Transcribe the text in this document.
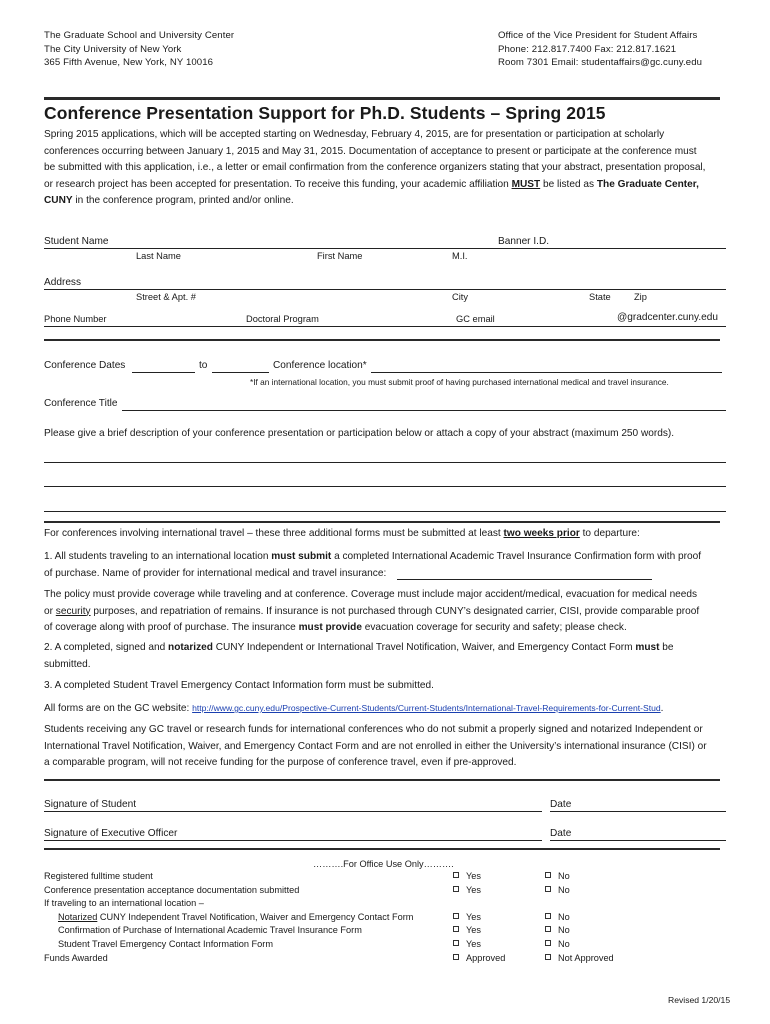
The Graduate School and University Center
The City University of New York
365 Fifth Avenue, New York, NY 10016
Office of the Vice President for Student Affairs
Phone: 212.817.7400 Fax: 212.817.1621
Room 7301 Email: studentaffairs@gc.cuny.edu
Conference Presentation Support for Ph.D. Students – Spring 2015
Spring 2015 applications, which will be accepted starting on Wednesday, February 4, 2015, are for presentation or participation at scholarly
conferences occurring between January 1, 2015 and May 31, 2015. Documentation of acceptance to present or participate at the conference must
be submitted with this application, i.e., a letter or email confirmation from the conference organizers stating that your abstract, presentation proposal,
or research project has been accepted for presentation. To receive this funding, your academic affiliation MUST be listed as The Graduate Center,
CUNY in the conference program, printed and/or online.
Student Name	Banner I.D.
Last Name	First Name	M.I.
Address
Street & Apt. #	City	State	Zip
Phone Number	Doctoral Program	GC email	@gradcenter.cuny.edu
Conference Dates	to	Conference location*
*If an international location, you must submit proof of having purchased international medical and travel insurance.
Conference Title
Please give a brief description of your conference presentation or participation below or attach a copy of your abstract (maximum 250 words).
For conferences involving international travel – these three additional forms must be submitted at least two weeks prior to departure:
1. All students traveling to an international location must submit a completed International Academic Travel Insurance Confirmation form with proof
of purchase. Name of provider for international medical and travel insurance:
The policy must provide coverage while traveling and at conference. Coverage must include major accident/medical, evacuation for medical needs
or security purposes, and repatriation of remains. If insurance is not purchased through CUNY’s designated carrier, CISI, provide comparable proof
of coverage along with proof of purchase. The insurance must provide evacuation coverage for security and safety; please check.
2. A completed, signed and notarized CUNY Independent or International Travel Notification, Waiver, and Emergency Contact Form must be
submitted.
3. A completed Student Travel Emergency Contact Information form must be submitted.
All forms are on the GC website: http://www.gc.cuny.edu/Prospective-Current-Students/Current-Students/International-Travel-Requirements-for-Current-Stud.
Students receiving any GC travel or research funds for international conferences who do not submit a properly signed and notarized Independent or
International Travel Notification, Waiver, and Emergency Contact Form and are not enrolled in either the University’s international insurance (CISI) or
a comparable program, will not receive funding for the purpose of conference travel, even if pre-approved.
Signature of Student	Date
Signature of Executive Officer	Date
……….For Office Use Only……….
Registered fulltime student	Yes	No
Conference presentation acceptance documentation submitted	Yes	No
If traveling to an international location –
Notarized CUNY Independent Travel Notification, Waiver and Emergency Contact Form	Yes	No
Confirmation of Purchase of International Academic Travel Insurance Form	Yes	No
Student Travel Emergency Contact Information Form	Yes	No
Funds Awarded	Approved	Not Approved
Revised 1/20/15
